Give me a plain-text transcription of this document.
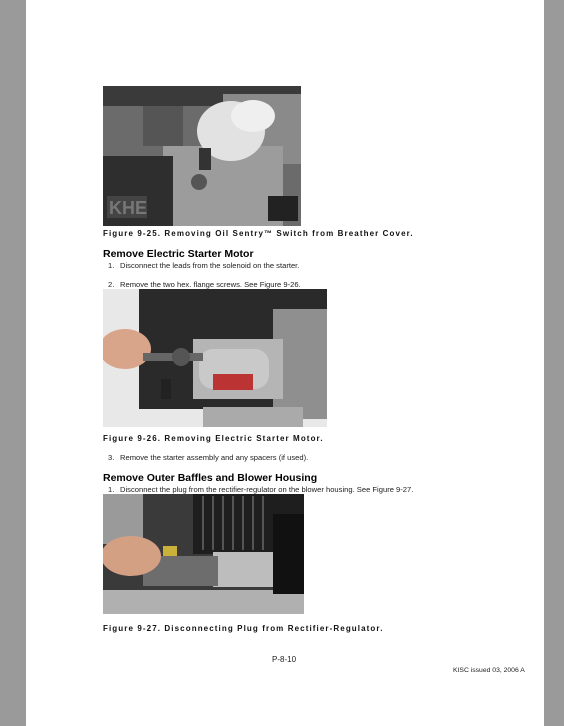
KHE
Figure 9-25. Removing Oil Sentry™ Switch from Breather Cover.
Remove Electric Starter Motor
1. Disconnect the leads from the solenoid on the starter.
2. Remove the two hex. flange screws. See Figure 9-26.
Figure 9-26. Removing Electric Starter Motor.
3. Remove the starter assembly and any spacers (if used).
Remove Outer Baffles and Blower Housing
1. Disconnect the plug from the rectifier-regulator on the blower housing. See Figure 9-27.
Figure 9-27. Disconnecting Plug from Rectifier-Regulator.
P-8-10
KISC issued 03, 2006 A
